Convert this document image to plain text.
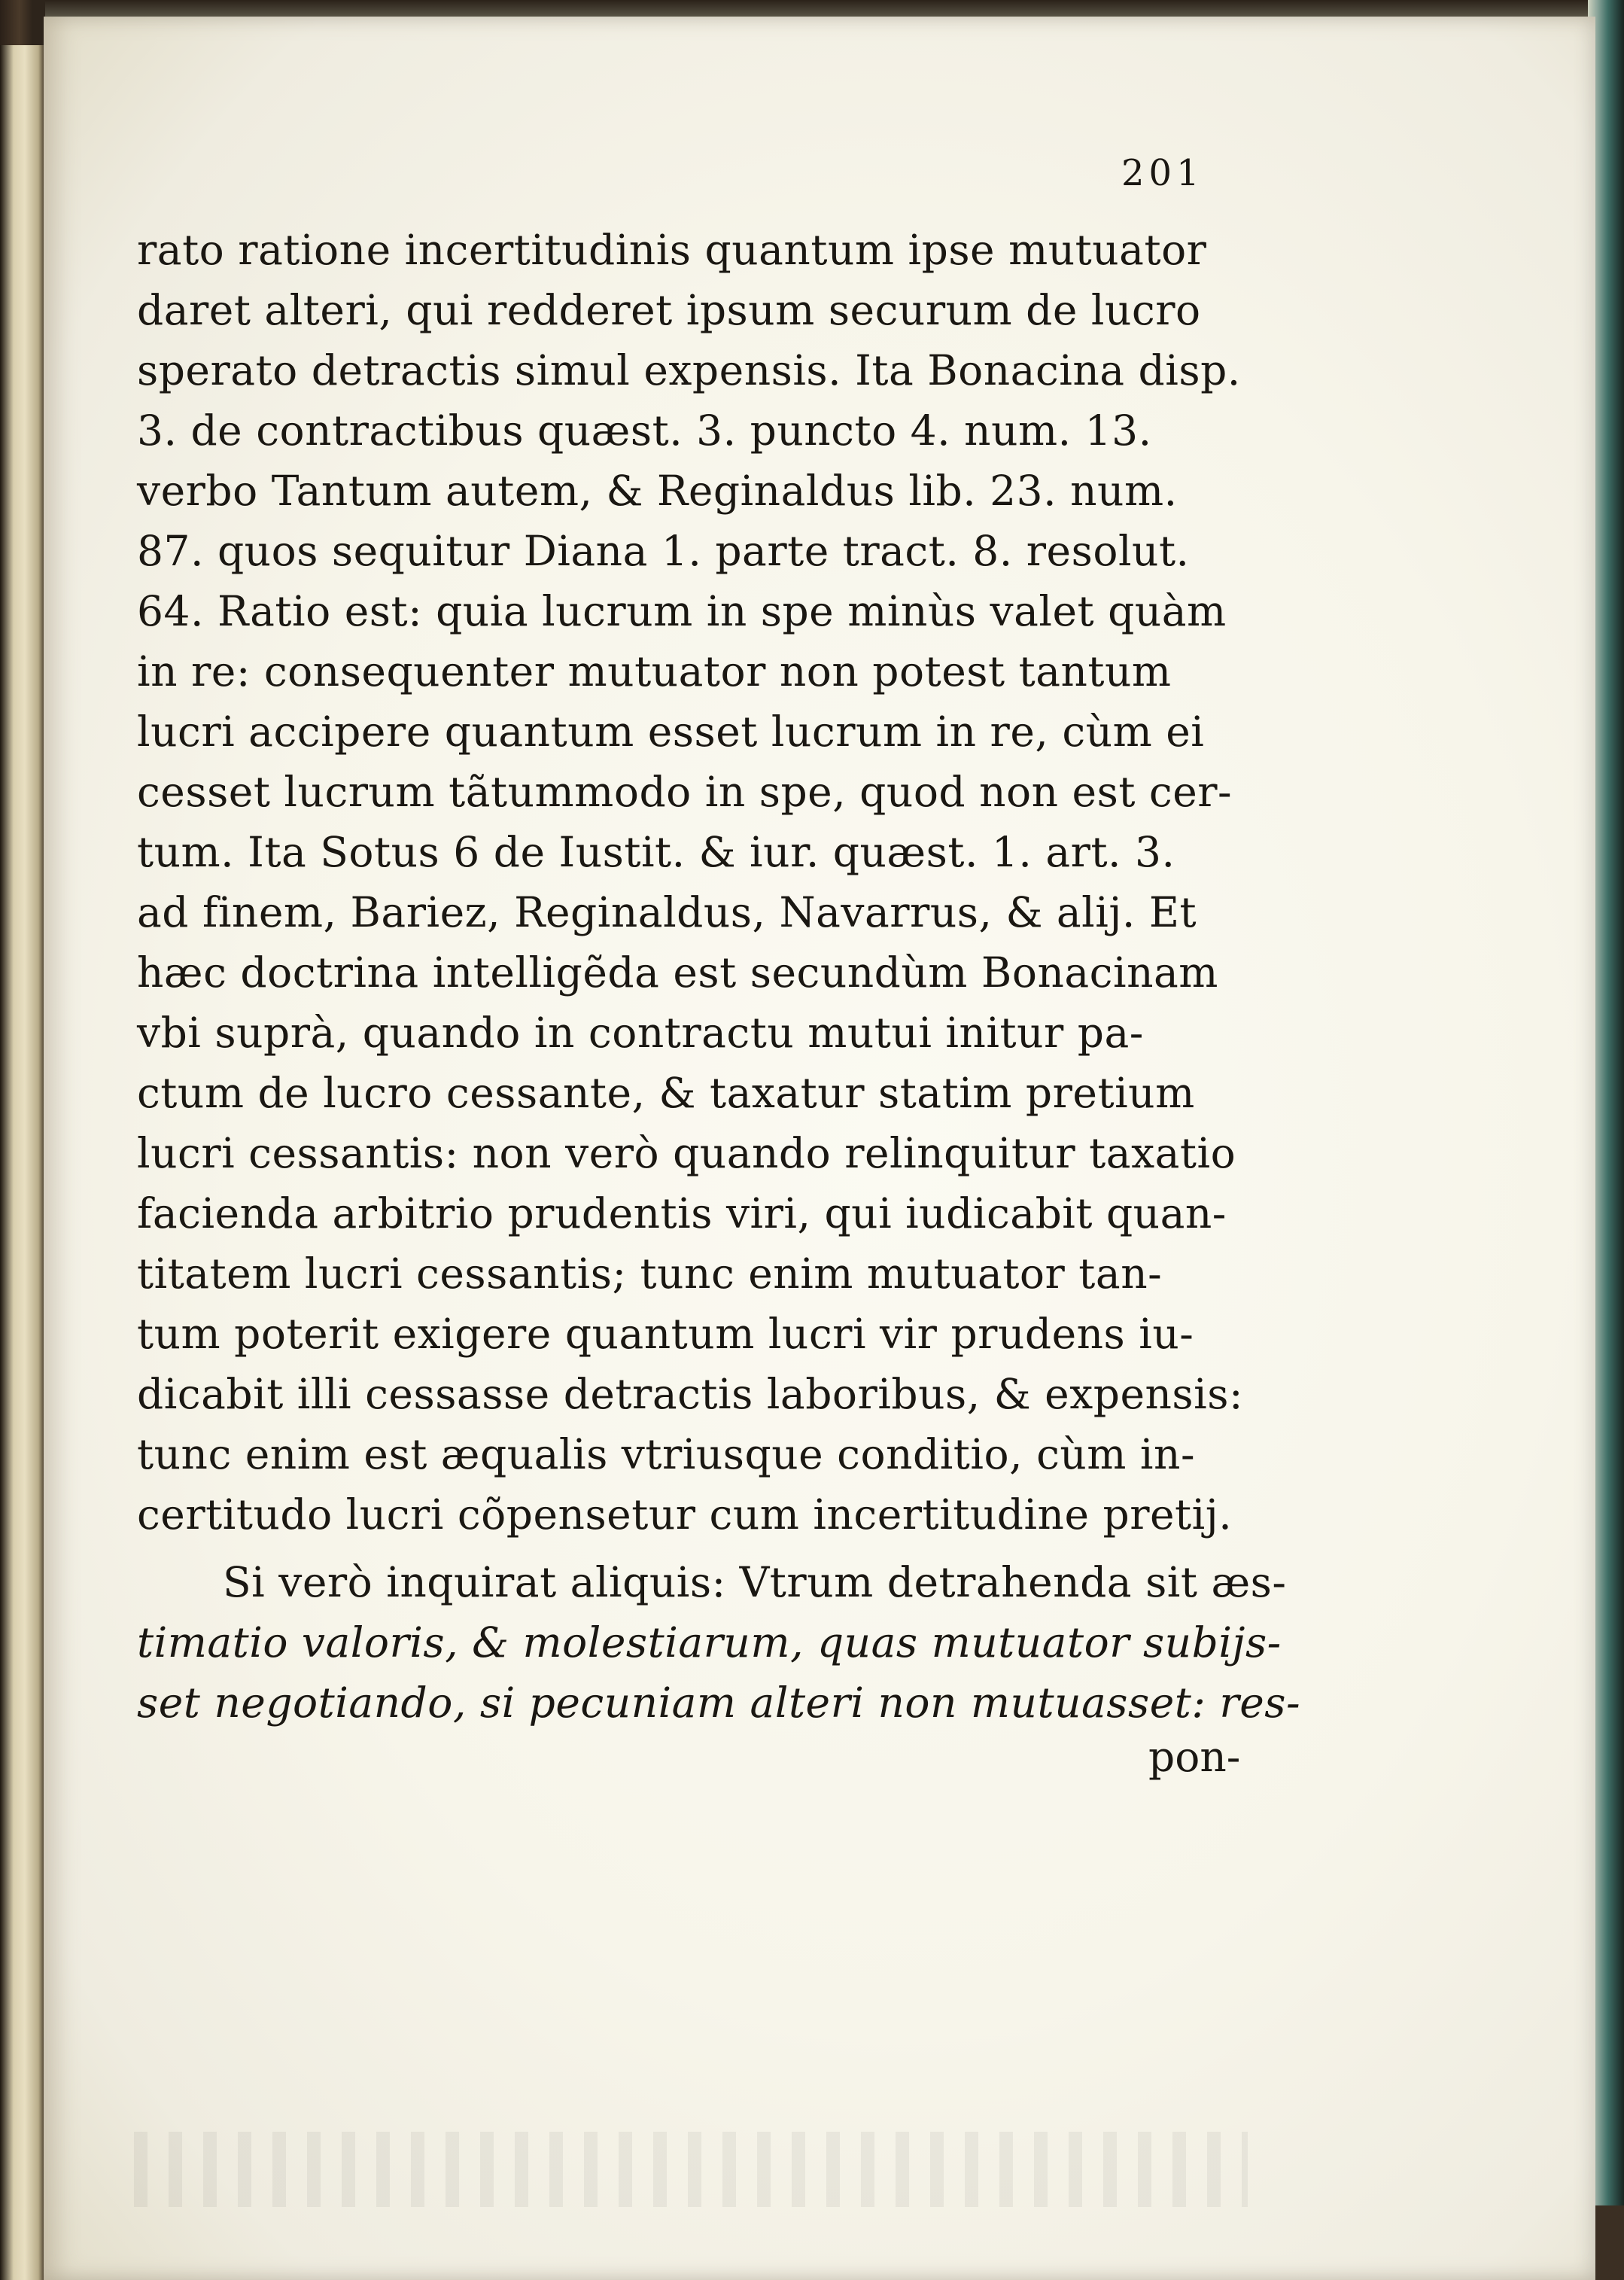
201
rato ratione incertitudinis quantum ipse mutuator
daret alteri, qui redderet ipsum securum de lucro
sperato detractis simul expensis. Ita Bonacina disp.
3. de contractibus quæst. 3. puncto 4. num. 13.
verbo Tantum autem, & Reginaldus lib. 23. num.
87. quos sequitur Diana 1. parte tract. 8. resolut.
64. Ratio est: quia lucrum in spe minùs valet quàm
in re: consequenter mutuator non potest tantum
lucri accipere quantum esset lucrum in re, cùm ei
cesset lucrum tãtummodo in spe, quod non est cer-
tum. Ita Sotus 6 de Iustit. & iur. quæst. 1. art. 3.
ad finem, Bariez, Reginaldus, Navarrus, & alij. Et
hæc doctrina intelligẽda est secundùm Bonacinam
vbi suprà, quando in contractu mutui initur pa-
ctum de lucro cessante, & taxatur statim pretium
lucri cessantis: non verò quando relinquitur taxatio
facienda arbitrio prudentis viri, qui iudicabit quan-
titatem lucri cessantis; tunc enim mutuator tan-
tum poterit exigere quantum lucri vir prudens iu-
dicabit illi cessasse detractis laboribus, & expensis:
tunc enim est æqualis vtriusque conditio, cùm in-
certitudo lucri cõpensetur cum incertitudine pretij.
Si verò inquirat aliquis: Vtrum detrahenda sit æs-
timatio valoris, & molestiarum, quas mutuator subijs-
set negotiando, si pecuniam alteri non mutuasset: res-
pon-
